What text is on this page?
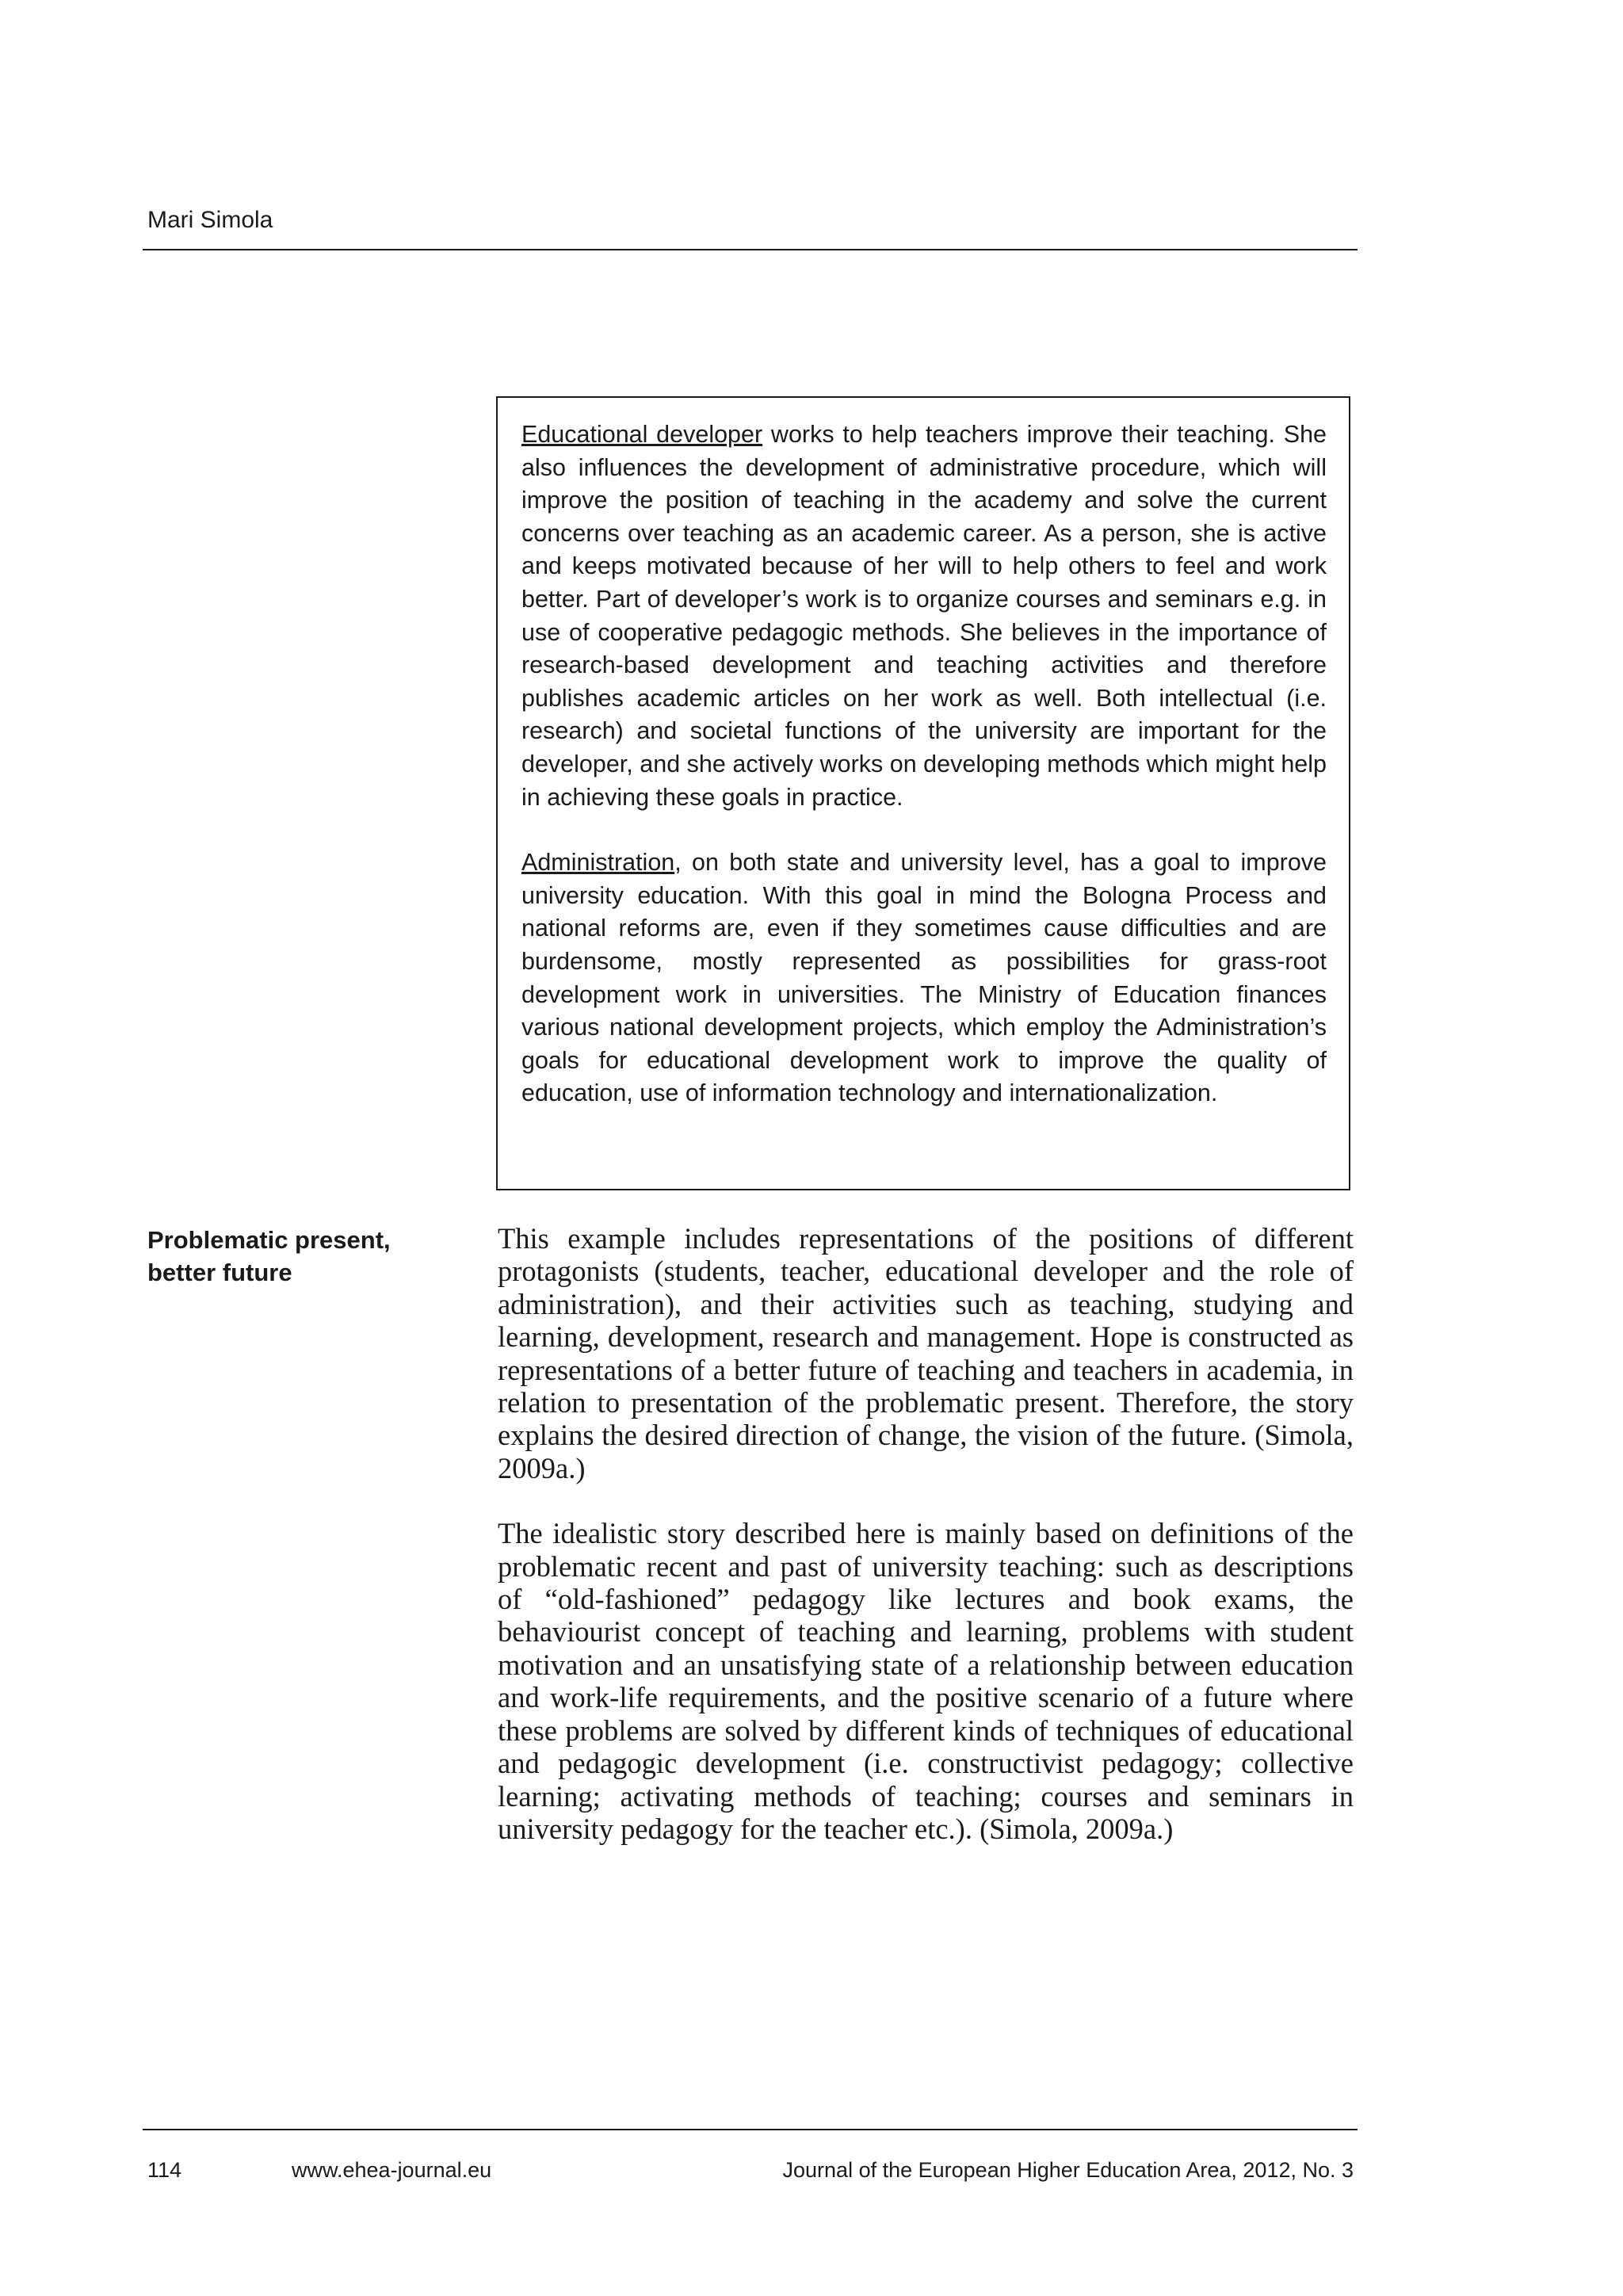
Mari Simola

Educational developer works to help teachers improve their teaching. She also influences the development of administrative procedure, which will improve the position of teaching in the academy and solve the current concerns over teaching as an academic career. As a person, she is active and keeps motivated because of her will to help others to feel and work better. Part of developer’s work is to organize courses and seminars e.g. in use of cooperative pedagogic methods. She believes in the importance of research-based development and teaching activities and therefore publishes academic articles on her work as well. Both intellectual (i.e. research) and societal functions of the university are important for the developer, and she actively works on developing methods which might help in achieving these goals in practice.

Administration, on both state and university level, has a goal to improve university education. With this goal in mind the Bologna Process and national reforms are, even if they sometimes cause difficulties and are burdensome, mostly represented as possibilities for grass-root development work in universities. The Ministry of Education finances various national development projects, which employ the Administration’s goals for educational development work to improve the quality of education, use of information technology and internationalization.

Problematic present, better future

This example includes representations of the positions of different protagonists (students, teacher, educational developer and the role of administration), and their activities such as teaching, studying and learning, development, research and management. Hope is constructed as representations of a better future of teaching and teachers in academia, in relation to presentation of the problematic present. Therefore, the story explains the desired direction of change, the vision of the future. (Simola, 2009a.)

The idealistic story described here is mainly based on definitions of the problematic recent and past of university teaching: such as descriptions of “old-fashioned” pedagogy like lectures and book exams, the behaviourist concept of teaching and learning, problems with student motivation and an unsatisfying state of a relationship between education and work-life requirements, and the positive scenario of a future where these problems are solved by different kinds of techniques of educational and pedagogic development (i.e. constructivist pedagogy; collective learning; activating methods of teaching; courses and seminars in university pedagogy for the teacher etc.). (Simola, 2009a.)

114	www.ehea-journal.eu	Journal of the European Higher Education Area, 2012, No. 3
